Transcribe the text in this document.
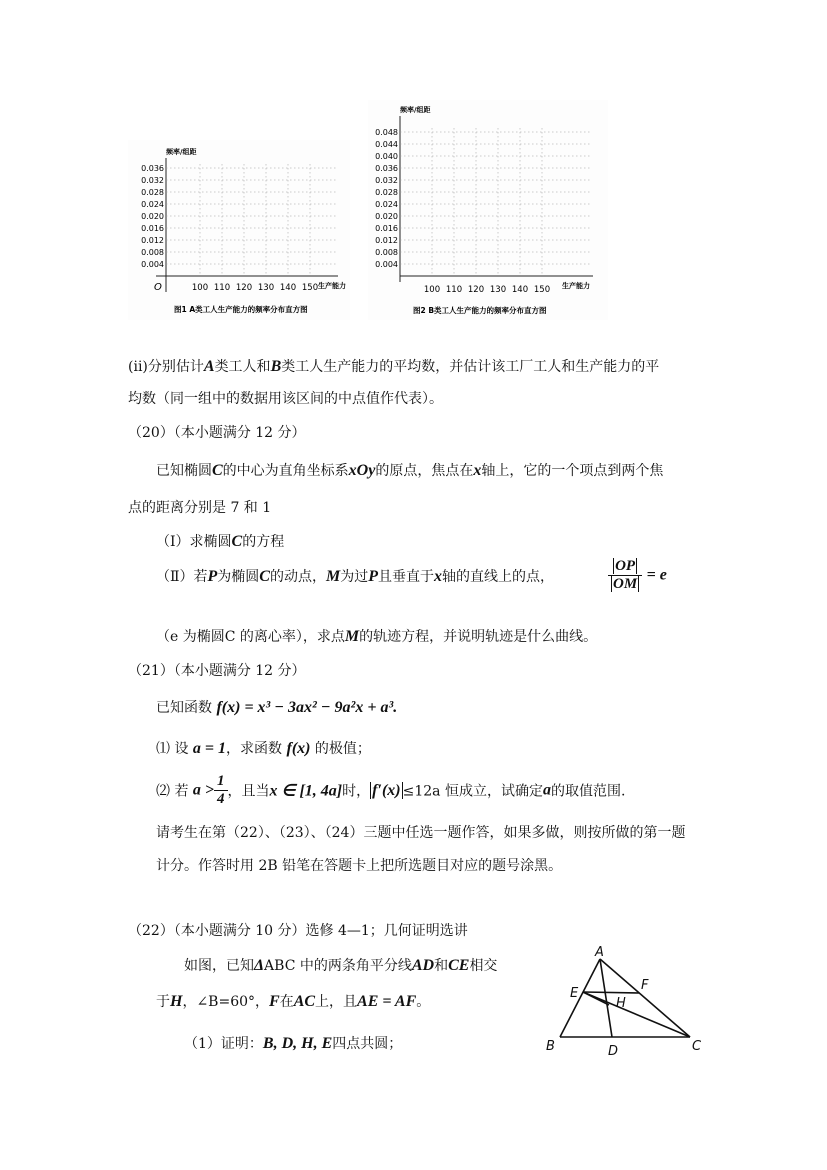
频率/组距
0.036
0.032
0.028
0.024
0.020
0.016
0.012
0.008
0.004
100 110 120 130 140 150 生产能力
O
图1 A类工人生产能力的频率分布直方图
频率/组距
0.048
0.044
0.040
0.036
0.032
0.028
0.024
0.020
0.016
0.012
0.008
0.004
100 110 120 130 140 150 生产能力
图2 B类工人生产能力的频率分布直方图
(ii)分别估计A类工人和B类工人生产能力的平均数，并估计该工厂工人和生产能力的平
均数（同一组中的数据用该区间的中点值作代表）。
（20）（本小题满分 12 分）
已知椭圆C的中心为直角坐标系xOy的原点，焦点在x轴上，它的一个项点到两个焦
点的距离分别是 7 和 1
（Ⅰ）求椭圆C的方程
（Ⅱ）若P为椭圆C的动点，M为过P且垂直于x轴的直线上的点，	$\frac{OP}{OM} = e$
（e 为椭圆C 的离心率），求点M的轨迹方程，并说明轨迹是什么曲线。
（21）（本小题满分 12 分）
已知函数 f(x) = x³ − 3ax² − 9a²x + a³.
⑴ 设 a = 1，求函数 f(x) 的极值；
⑵ 若 $a > \frac{1}{4}$ ，且当x ∈ [1, 4a]时， f′(x) ≤12a 恒成立，试确定a的取值范围.
请考生在第（22）、（23）、（24）三题中任选一题作答，如果多做，则按所做的第一题
计分。作答时用 2B 铅笔在答题卡上把所选题目对应的题号涂黑。
（22）（本小题满分 10 分）选修 4—1；几何证明选讲
如图，已知ΔABC 中的两条角平分线AD和CE相交
于H，∠B=60°，F在AC上，且AE = AF。
（1）证明：B, D, H, E四点共圆；
A
B	C
D
E
F
H
